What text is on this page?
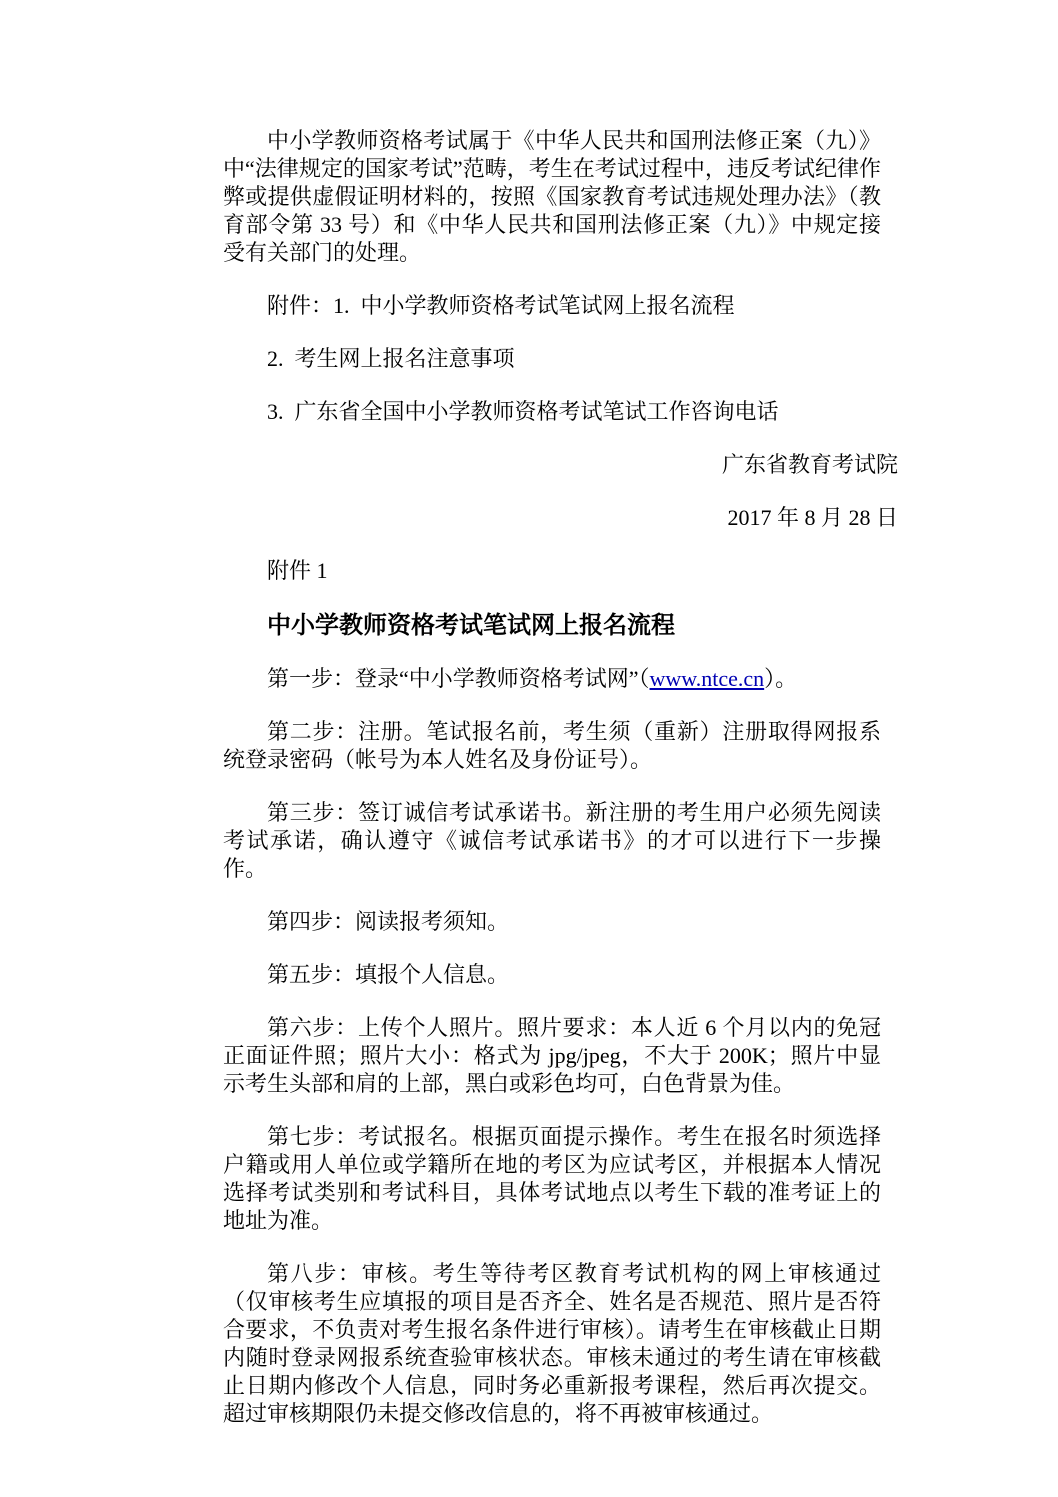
中小学教师资格考试属于《中华人民共和国刑法修正案（九）》中“法律规定的国家考试”范畴，考生在考试过程中，违反考试纪律作弊或提供虚假证明材料的，按照《国家教育考试违规处理办法》（教育部令第 33 号）和《中华人民共和国刑法修正案（九）》中规定接受有关部门的处理。

附件：1.  中小学教师资格考试笔试网上报名流程

2.  考生网上报名注意事项

3.  广东省全国中小学教师资格考试笔试工作咨询电话

广东省教育考试院

2017 年 8 月 28 日

附件 1

中小学教师资格考试笔试网上报名流程

第一步：登录“中小学教师资格考试网”（www.ntce.cn）。

第二步：注册。笔试报名前，考生须（重新）注册取得网报系统登录密码（帐号为本人姓名及身份证号）。

第三步：签订诚信考试承诺书。新注册的考生用户必须先阅读考试承诺，确认遵守《诚信考试承诺书》的才可以进行下一步操作。

第四步：阅读报考须知。

第五步：填报个人信息。

第六步：上传个人照片。照片要求：本人近 6 个月以内的免冠正面证件照；照片大小：格式为 jpg/jpeg，不大于 200K；照片中显示考生头部和肩的上部，黑白或彩色均可，白色背景为佳。

第七步：考试报名。根据页面提示操作。考生在报名时须选择户籍或用人单位或学籍所在地的考区为应试考区，并根据本人情况选择考试类别和考试科目，具体考试地点以考生下载的准考证上的地址为准。

第八步：审核。考生等待考区教育考试机构的网上审核通过（仅审核考生应填报的项目是否齐全、姓名是否规范、照片是否符合要求，不负责对考生报名条件进行审核）。请考生在审核截止日期内随时登录网报系统查验审核状态。审核未通过的考生请在审核截止日期内修改个人信息，同时务必重新报考课程，然后再次提交。超过审核期限仍未提交修改信息的，将不再被审核通过。
